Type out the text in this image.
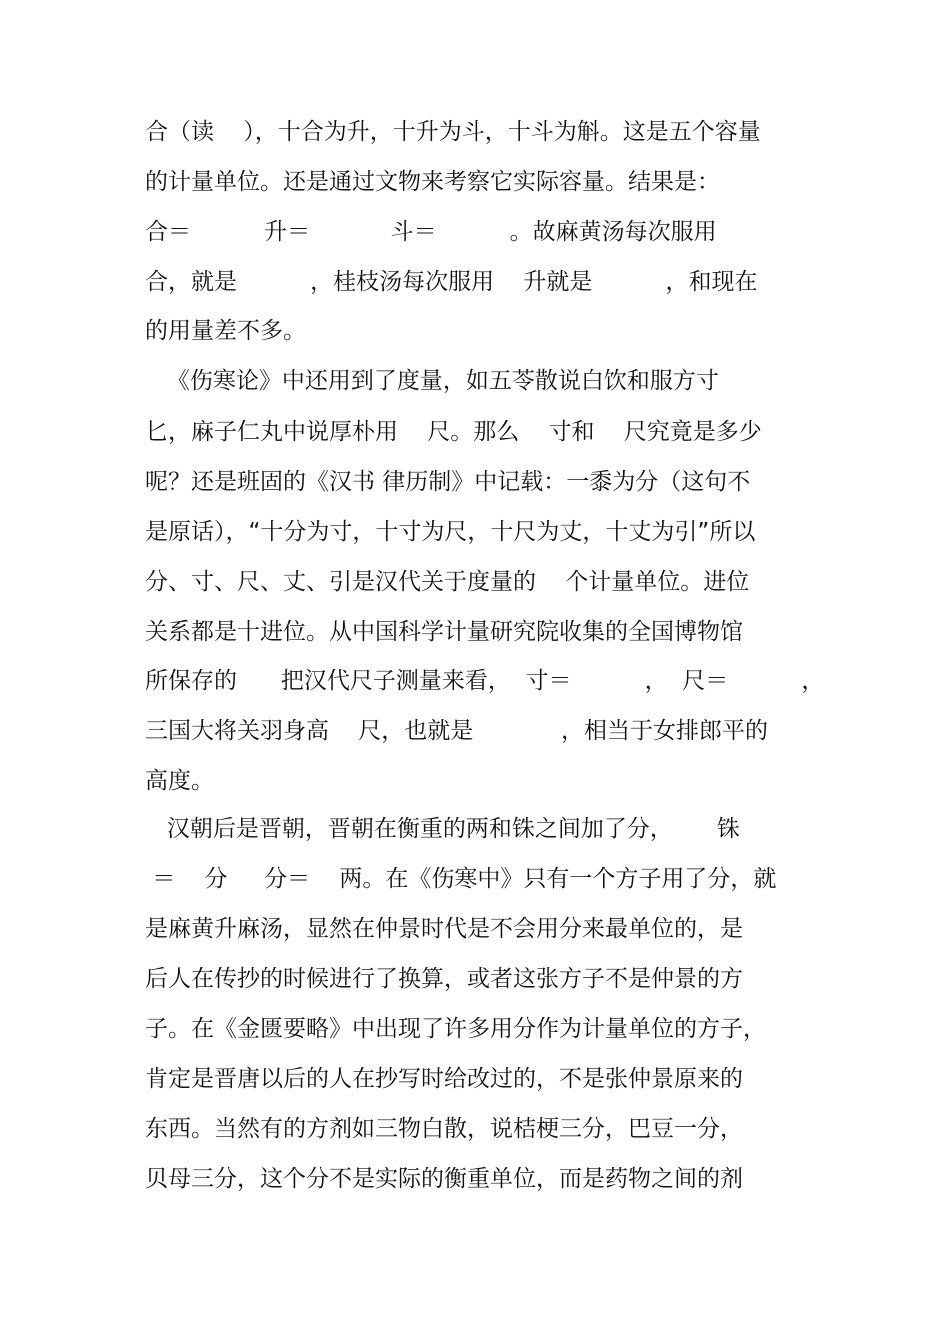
合（读    ），十合为升，十升为斗，十斗为斛。这是五个容量
的计量单位。还是通过文物来考察它实际容量。结果是：
合＝          升＝           斗＝          。故麻黄汤每次服用
合，就是          ，桂枝汤每次服用    升就是          ，和现在
的用量差不多。
《伤寒论》中还用到了度量，如五苓散说白饮和服方寸
匕，麻子仁丸中说厚朴用    尺。那么    寸和    尺究竟是多少
呢？还是班固的《汉书 律历制》中记载：一黍为分（这句不
是原话），“十分为寸，十寸为尺，十尺为丈，十丈为引”所以
分、寸、尺、丈、引是汉代关于度量的    个计量单位。进位
关系都是十进位。从中国科学计量研究院收集的全国博物馆
所保存的      把汉代尺子测量来看，  寸＝          ，  尺＝          ，
三国大将关羽身高    尺，也就是            ，相当于女排郎平的
高度。
汉朝后是晋朝，晋朝在衡重的两和铢之间加了分，      铢
＝    分     分＝    两。在《伤寒中》只有一个方子用了分，就
是麻黄升麻汤，显然在仲景时代是不会用分来最单位的，是
后人在传抄的时候进行了换算，或者这张方子不是仲景的方
子。在《金匮要略》中出现了许多用分作为计量单位的方子，
肯定是晋唐以后的人在抄写时给改过的，不是张仲景原来的
东西。当然有的方剂如三物白散，说桔梗三分，巴豆一分，
贝母三分，这个分不是实际的衡重单位，而是药物之间的剂
